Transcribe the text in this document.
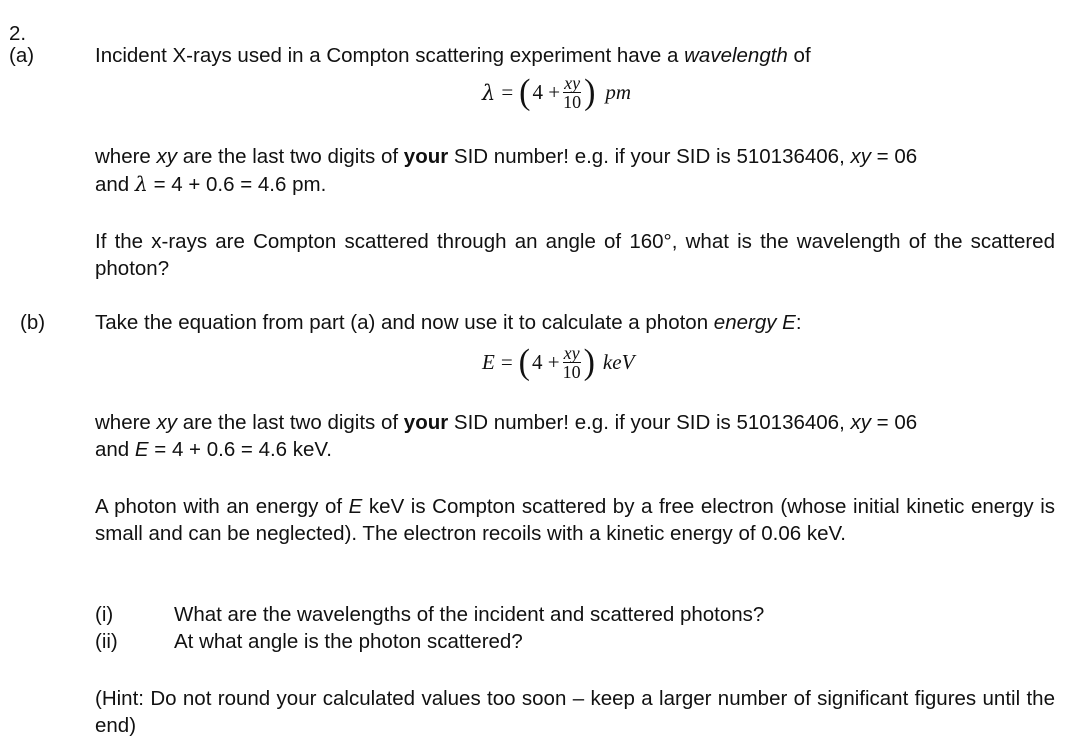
2.
(a)	Incident X-rays used in a Compton scattering experiment have a wavelength of
λ = ( $4 + \frac{xy}{10}$ ) pm
where xy are the last two digits of your SID number! e.g. if your SID is 510136406, xy = 06
and λ = 4 + 0.6 = 4.6 pm.
If the x-rays are Compton scattered through an angle of 160°, what is the wavelength of the scattered photon?
(b) Take the equation from part (a) and now use it to calculate a photon energy E:
E = ( $4 + \frac{xy}{10}$ ) keV
where xy are the last two digits of your SID number! e.g. if your SID is 510136406, xy = 06
and E = 4 + 0.6 = 4.6 keV.
A photon with an energy of E keV is Compton scattered by a free electron (whose initial kinetic energy is small and can be neglected). The electron recoils with a kinetic energy of 0.06 keV.
(i)	What are the wavelengths of the incident and scattered photons?
(ii)	At what angle is the photon scattered?
(Hint: Do not round your calculated values too soon – keep a larger number of significant figures until the end)
